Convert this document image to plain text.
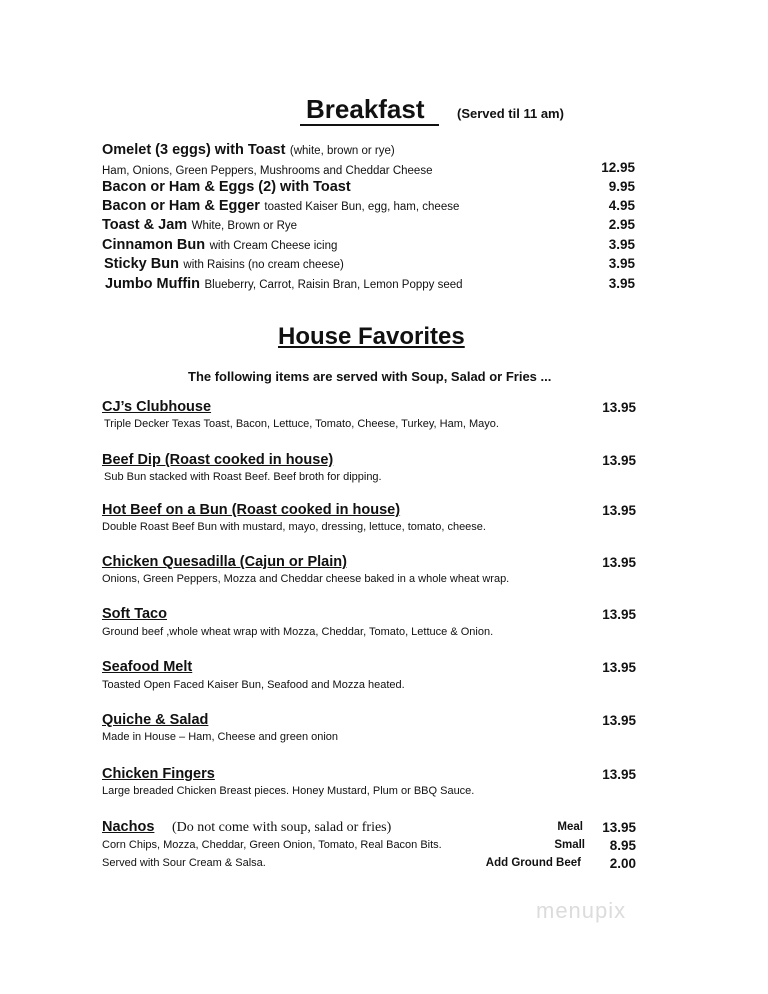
Breakfast	(Served til 11 am)
Omelet (3 eggs) with Toast (white, brown or rye)
Ham, Onions, Green Peppers, Mushrooms and Cheddar Cheese	12.95
Bacon or Ham & Eggs (2) with Toast	9.95
Bacon or Ham & Egger toasted Kaiser Bun, egg, ham, cheese	4.95
Toast & Jam White, Brown or Rye	2.95
Cinnamon Bun with Cream Cheese icing	3.95
Sticky Bun with Raisins (no cream cheese)	3.95
Jumbo Muffin Blueberry, Carrot, Raisin Bran, Lemon Poppy seed	3.95
House Favorites
The following items are served with Soup, Salad or Fries ...
CJ’s Clubhouse	13.95
Triple Decker Texas Toast, Bacon, Lettuce, Tomato, Cheese, Turkey, Ham, Mayo.
Beef Dip (Roast cooked in house)	13.95
Sub Bun stacked with Roast Beef. Beef broth for dipping.
Hot Beef on a Bun (Roast cooked in house)	13.95
Double Roast Beef Bun with mustard, mayo, dressing, lettuce, tomato, cheese.
Chicken Quesadilla (Cajun or Plain)	13.95
Onions, Green Peppers, Mozza and Cheddar cheese baked in a whole wheat wrap.
Soft Taco	13.95
Ground beef ,whole wheat wrap with Mozza, Cheddar, Tomato, Lettuce & Onion.
Seafood Melt	13.95
Toasted Open Faced Kaiser Bun, Seafood and Mozza heated.
Quiche & Salad	13.95
Made in House – Ham, Cheese and green onion
Chicken Fingers	13.95
Large breaded Chicken Breast pieces. Honey Mustard, Plum or BBQ Sauce.
Nachos (Do not come with soup, salad or fries)
Corn Chips, Mozza, Cheddar, Green Onion, Tomato, Real Bacon Bits.
Served with Sour Cream & Salsa.
Meal	13.95
Small	8.95
Add Ground Beef	2.00
menupix
